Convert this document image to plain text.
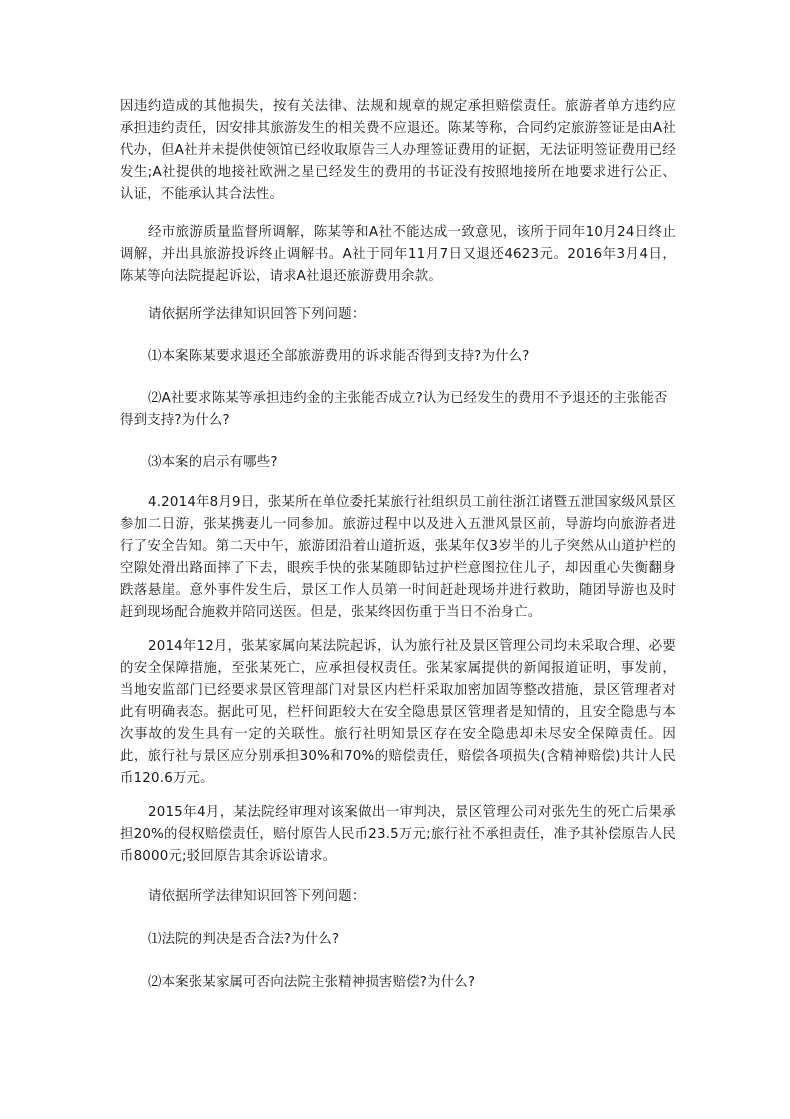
因违约造成的其他损失，按有关法律、法规和规章的规定承担赔偿责任。旅游者单方违约应承担违约责任，因安排其旅游发生的相关费不应退还。陈某等称，合同约定旅游签证是由A社代办，但A社并未提供使领馆已经收取原告三人办理签证费用的证据，无法证明签证费用已经发生;A社提供的地接社欧洲之星已经发生的费用的书证没有按照地接所在地要求进行公正、认证，不能承认其合法性。

经市旅游质量监督所调解，陈某等和A社不能达成一致意见，该所于同年10月24日终止调解，并出具旅游投诉终止调解书。A社于同年11月7日又退还4623元。2016年3月4日，陈某等向法院提起诉讼，请求A社退还旅游费用余款。

请依据所学法律知识回答下列问题：

⑴本案陈某要求退还全部旅游费用的诉求能否得到支持?为什么?

⑵A社要求陈某等承担违约金的主张能否成立?认为已经发生的费用不予退还的主张能否得到支持?为什么?

⑶本案的启示有哪些?

4.2014年8月9日，张某所在单位委托某旅行社组织员工前往浙江诸暨五泄国家级风景区参加二日游，张某携妻儿一同参加。旅游过程中以及进入五泄风景区前，导游均向旅游者进行了安全告知。第二天中午，旅游团沿着山道折返，张某年仅3岁半的儿子突然从山道护栏的空隙处滑出路面摔了下去，眼疾手快的张某随即钻过护栏意图拉住儿子，却因重心失衡翻身跌落悬崖。意外事件发生后，景区工作人员第一时间赶赴现场并进行救助，随团导游也及时赶到现场配合施救并陪同送医。但是，张某终因伤重于当日不治身亡。

2014年12月，张某家属向某法院起诉，认为旅行社及景区管理公司均未采取合理、必要的安全保障措施，至张某死亡，应承担侵权责任。张某家属提供的新闻报道证明，事发前，当地安监部门已经要求景区管理部门对景区内栏杆采取加密加固等整改措施，景区管理者对此有明确表态。据此可见，栏杆间距较大在安全隐患景区管理者是知情的，且安全隐患与本次事故的发生具有一定的关联性。旅行社明知景区存在安全隐患却未尽安全保障责任。因此，旅行社与景区应分别承担30%和70%的赔偿责任，赔偿各项损失(含精神赔偿)共计人民币120.6万元。

2015年4月，某法院经审理对该案做出一审判决，景区管理公司对张先生的死亡后果承担20%的侵权赔偿责任，赔付原告人民币23.5万元;旅行社不承担责任，准予其补偿原告人民币8000元;驳回原告其余诉讼请求。

请依据所学法律知识回答下列问题：

⑴法院的判决是否合法?为什么?

⑵本案张某家属可否向法院主张精神损害赔偿?为什么?
